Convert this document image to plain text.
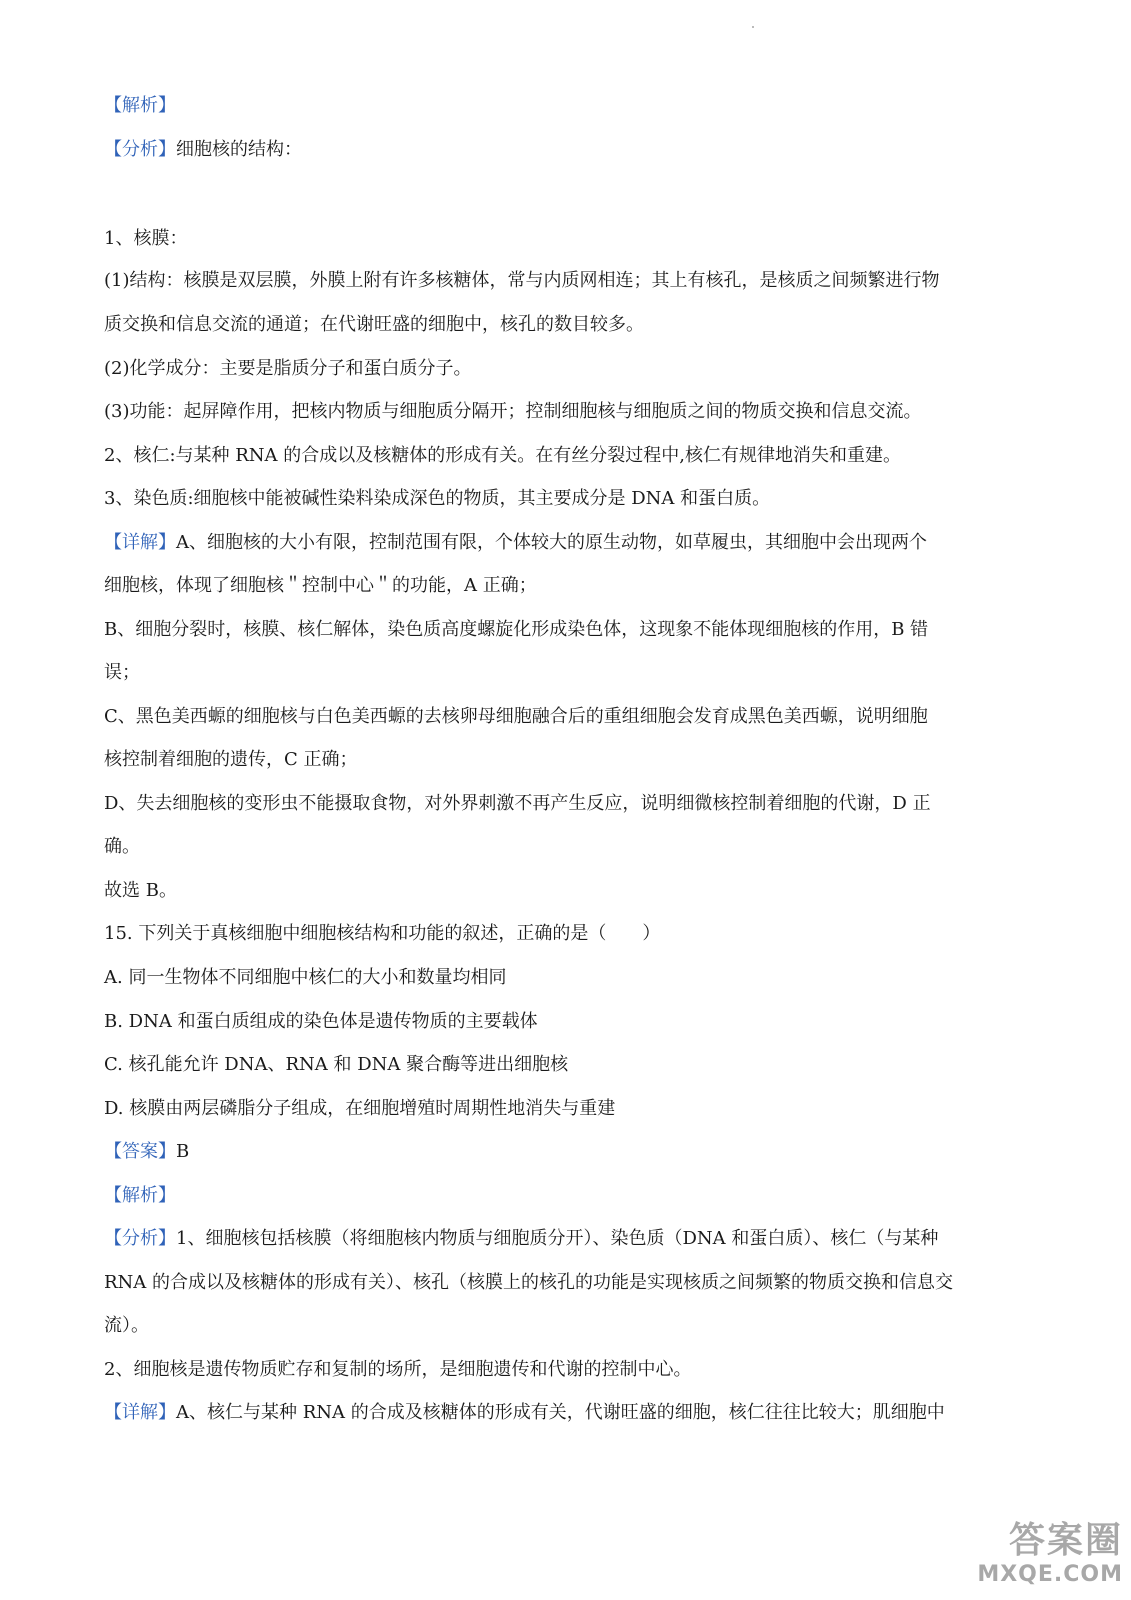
【解析】
【分析】细胞核的结构：
1、核膜：
(1)结构：核膜是双层膜，外膜上附有许多核糖体，常与内质网相连；其上有核孔，是核质之间频繁进行物
质交换和信息交流的通道；在代谢旺盛的细胞中，核孔的数目较多。
(2)化学成分：主要是脂质分子和蛋白质分子。
(3)功能：起屏障作用，把核内物质与细胞质分隔开；控制细胞核与细胞质之间的物质交换和信息交流。
2、核仁:与某种 RNA 的合成以及核糖体的形成有关。在有丝分裂过程中,核仁有规律地消失和重建。
3、染色质:细胞核中能被碱性染料染成深色的物质，其主要成分是 DNA 和蛋白质。
【详解】A、细胞核的大小有限，控制范围有限，个体较大的原生动物，如草履虫，其细胞中会出现两个
细胞核，体现了细胞核＂控制中心＂的功能，A 正确；
B、细胞分裂时，核膜、核仁解体，染色质高度螺旋化形成染色体，这现象不能体现细胞核的作用，B 错
误；
C、黑色美西螈的细胞核与白色美西螈的去核卵母细胞融合后的重组细胞会发育成黑色美西螈，说明细胞
核控制着细胞的遗传，C 正确；
D、失去细胞核的变形虫不能摄取食物，对外界刺激不再产生反应，说明细微核控制着细胞的代谢，D 正
确。
故选 B。
15. 下列关于真核细胞中细胞核结构和功能的叙述，正确的是（　　）
A. 同一生物体不同细胞中核仁的大小和数量均相同
B. DNA 和蛋白质组成的染色体是遗传物质的主要载体
C. 核孔能允许 DNA、RNA 和 DNA 聚合酶等进出细胞核
D. 核膜由两层磷脂分子组成，在细胞增殖时周期性地消失与重建
【答案】B
【解析】
【分析】1、细胞核包括核膜（将细胞核内物质与细胞质分开）、染色质（DNA 和蛋白质）、核仁（与某种
RNA 的合成以及核糖体的形成有关）、核孔（核膜上的核孔的功能是实现核质之间频繁的物质交换和信息交
流）。
2、细胞核是遗传物质贮存和复制的场所，是细胞遗传和代谢的控制中心。
【详解】A、核仁与某种 RNA 的合成及核糖体的形成有关，代谢旺盛的细胞，核仁往往比较大；肌细胞中
答案圈
MXQE.COM
